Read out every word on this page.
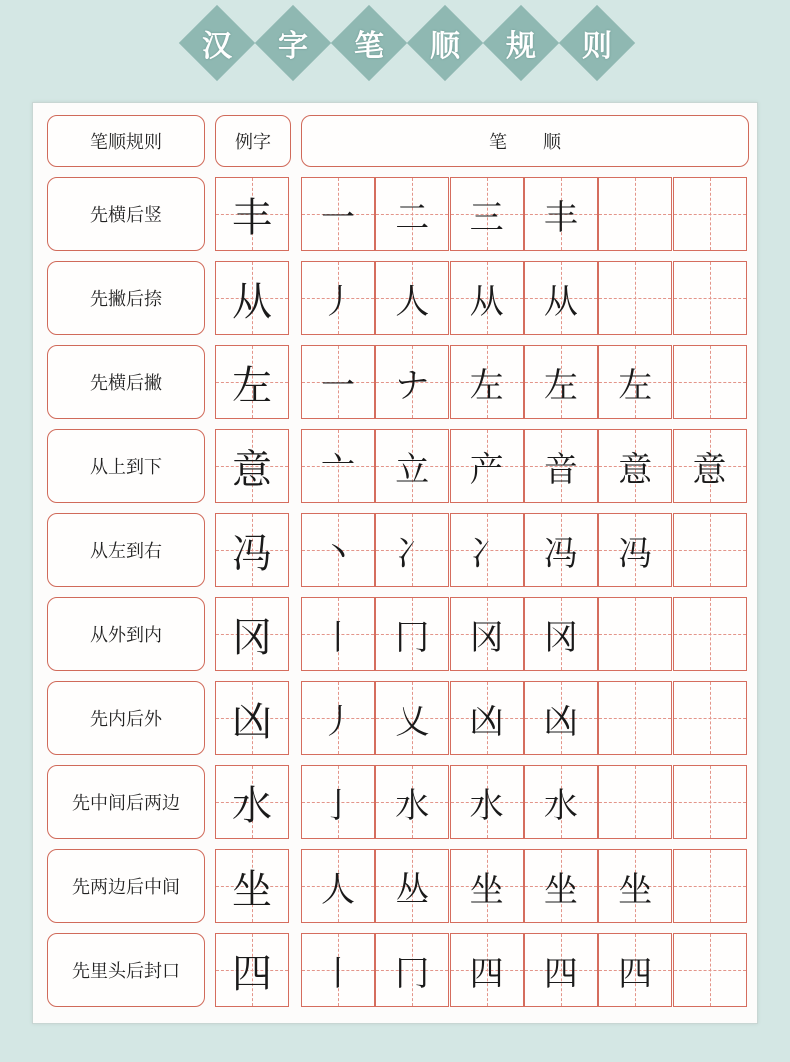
汉 字 笔 顺 规 则
笔顺规则	例字	笔　　顺
先横后竖	丰 一 二 三 丰
先撇后捺	从 丿 人 从 从
先横后撇	左 一 ナ 左 左 左
从上到下	意 亠 立 产 音 意 意
从左到右	冯 丶 冫 冫 冯 冯
从外到内	冈 丨 冂 冈 冈
先内后外	凶 丿 乂 凶 凶
先中间后两边	水 亅 水 水 水
先两边后中间	坐 人 丛 坐 坐 坐
先里头后封口	四 丨 冂 四 四 四
